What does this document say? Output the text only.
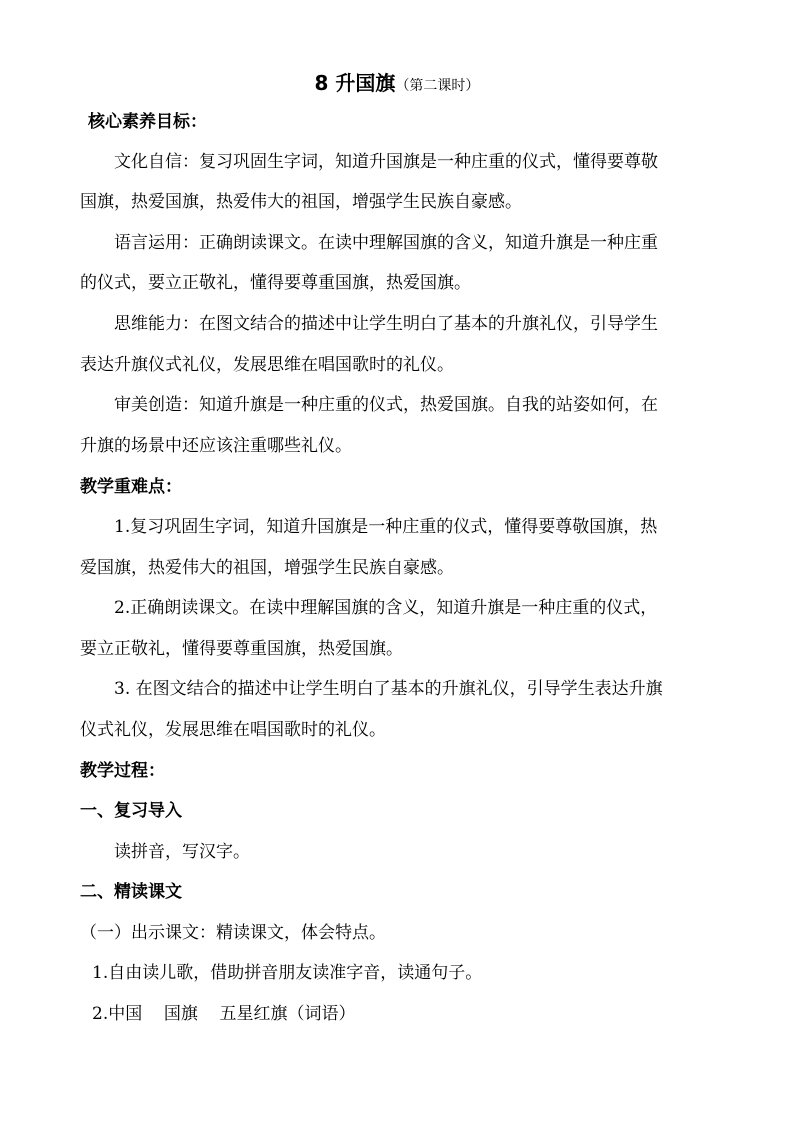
8 升国旗（第二课时）
核心素养目标：
文化自信：复习巩固生字词，知道升国旗是一种庄重的仪式，懂得要尊敬
国旗，热爱国旗，热爱伟大的祖国，增强学生民族自豪感。
语言运用：正确朗读课文。在读中理解国旗的含义，知道升旗是一种庄重
的仪式，要立正敬礼，懂得要尊重国旗，热爱国旗。
思维能力：在图文结合的描述中让学生明白了基本的升旗礼仪，引导学生
表达升旗仪式礼仪，发展思维在唱国歌时的礼仪。
审美创造：知道升旗是一种庄重的仪式，热爱国旗。自我的站姿如何，在
升旗的场景中还应该注重哪些礼仪。
教学重难点：
1.复习巩固生字词，知道升国旗是一种庄重的仪式，懂得要尊敬国旗，热
爱国旗，热爱伟大的祖国，增强学生民族自豪感。
2.正确朗读课文。在读中理解国旗的含义，知道升旗是一种庄重的仪式，
要立正敬礼，懂得要尊重国旗，热爱国旗。
3. 在图文结合的描述中让学生明白了基本的升旗礼仪，引导学生表达升旗
仪式礼仪，发展思维在唱国歌时的礼仪。
教学过程：
一、复习导入
读拼音，写汉字。
二、精读课文
（一）出示课文：精读课文，体会特点。
1.自由读儿歌，借助拼音朋友读准字音，读通句子。
2.中国    国旗    五星红旗（词语）
